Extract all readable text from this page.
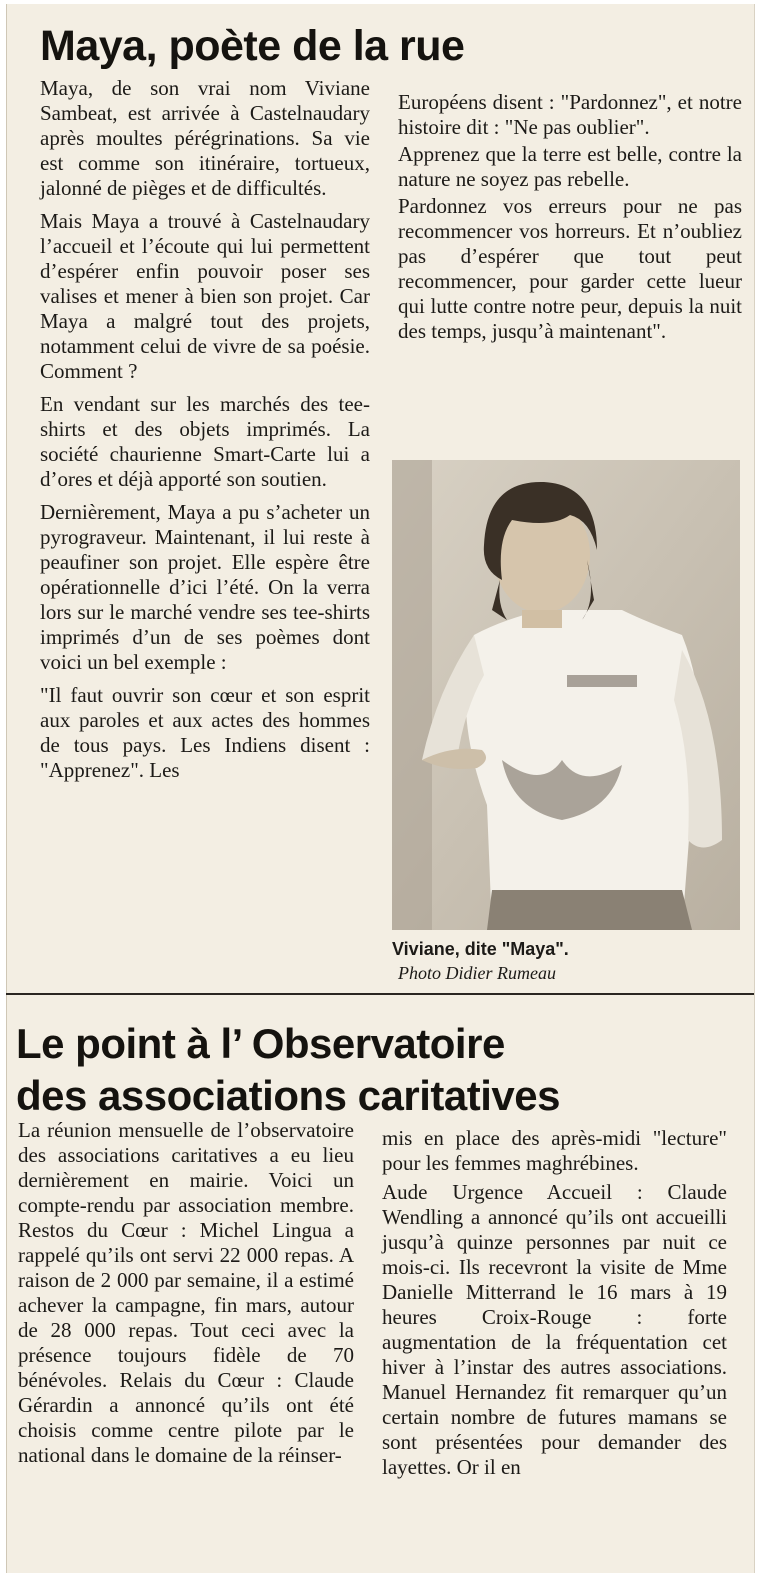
Maya, poète de la rue

Maya, de son vrai nom Viviane Sambeat, est arrivée à Castelnaudary après moultes pérégrinations. Sa vie est comme son itinéraire, tortueux, jalonné de pièges et de difficultés.

Mais Maya a trouvé à Castelnaudary l’accueil et l’écoute qui lui permettent d’espérer enfin pouvoir poser ses valises et mener à bien son projet. Car Maya a malgré tout des projets, notamment celui de vivre de sa poésie. Comment ?

En vendant sur les marchés des tee-shirts et des objets imprimés. La société chaurienne Smart-Carte lui a d’ores et déjà apporté son soutien.

Dernièrement, Maya a pu s’acheter un pyrograveur. Maintenant, il lui reste à peaufiner son projet. Elle espère être opérationnelle d’ici l’été. On la verra lors sur le marché vendre ses tee-shirts imprimés d’un de ses poèmes dont voici un bel exemple :

"Il faut ouvrir son cœur et son esprit aux paroles et aux actes des hommes de tous pays. Les Indiens disent : "Apprenez". Les

Européens disent : "Pardonnez", et notre histoire dit : "Ne pas oublier".

Apprenez que la terre est belle, contre la nature ne soyez pas rebelle.

Pardonnez vos erreurs pour ne pas recommencer vos horreurs. Et n’oubliez pas d’espérer que tout peut recommencer, pour garder cette lueur qui lutte contre notre peur, depuis la nuit des temps, jusqu’à maintenant".

Viviane, dite "Maya".
Photo Didier Rumeau
Le point à l’ Observatoire
des associations caritatives

La réunion mensuelle de l’observatoire des associations caritatives a eu lieu dernièrement en mairie. Voici un compte-rendu par association membre. Restos du Cœur : Michel Lingua a rappelé qu’ils ont servi 22 000 repas. A raison de 2 000 par semaine, il a estimé achever la campagne, fin mars, autour de 28 000 repas. Tout ceci avec la présence toujours fidèle de 70 bénévoles. Relais du Cœur : Claude Gérardin a annoncé qu’ils ont été choisis comme centre pilote par le national dans le domaine de la réinser-

mis en place des après-midi "lecture" pour les femmes maghrébines.

Aude Urgence Accueil : Claude Wendling a annoncé qu’ils ont accueilli jusqu’à quinze personnes par nuit ce mois-ci. Ils recevront la visite de Mme Danielle Mitterrand le 16 mars à 19 heures Croix-Rouge : forte augmentation de la fréquentation cet hiver à l’instar des autres associations. Manuel Hernandez fit remarquer qu’un certain nombre de futures mamans se sont présentées pour demander des layettes. Or il en
